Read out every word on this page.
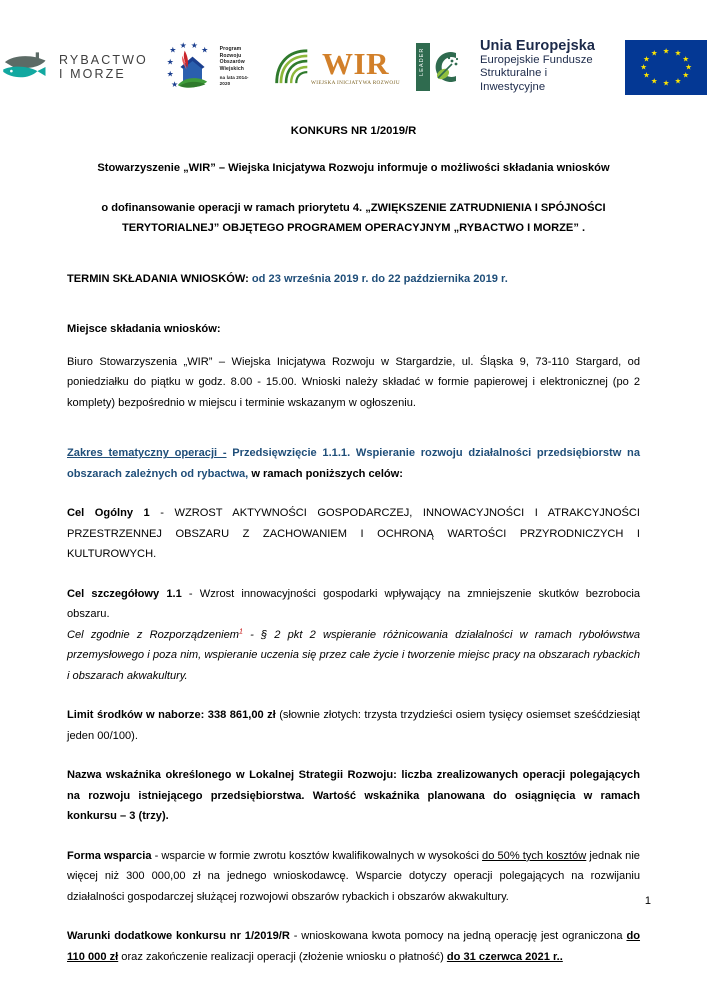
RYBACTWO
I MORZE
★ ★ ★ ★
★
★
★
Program
Rozwoju
Obszarów
Wiejskich
na lata 2014-2020
WIR
WIEJSKA INICJATYWA ROZWOJU
LEADER
Unia Europejska
Europejskie Fundusze
Strukturalne i Inwestycyjne
★ ★
★
★
★
★
★
★
★
★
★
★

KONKURS NR 1/2019/R

Stowarzyszenie „WIR” – Wiejska Inicjatywa Rozwoju informuje o możliwości składania wniosków

o dofinansowanie operacji w ramach priorytetu 4. „ZWIĘKSZENIE ZATRUDNIENIA I SPÓJNOŚCI

TERYTORIALNEJ” OBJĘTEGO PROGRAMEM OPERACYJNYM „RYBACTWO I MORZE” .

TERMIN SKŁADANIA WNIOSKÓW: od 23 września 2019 r. do 22 października 2019 r.

Miejsce składania wniosków:

Biuro Stowarzyszenia „WIR” – Wiejska Inicjatywa Rozwoju w Stargardzie, ul. Śląska 9, 73-110 Stargard, od poniedziałku do piątku w godz. 8.00 - 15.00. Wnioski należy składać w formie papierowej i elektronicznej (po 2 komplety) bezpośrednio w miejscu i terminie wskazanym w ogłoszeniu.

Zakres tematyczny operacji - Przedsięwzięcie 1.1.1. Wspieranie rozwoju działalności przedsiębiorstw na obszarach zależnych od rybactwa, w ramach poniższych celów:

Cel Ogólny 1 - WZROST AKTYWNOŚCI GOSPODARCZEJ, INNOWACYJNOŚCI I ATRAKCYJNOŚCI PRZESTRZENNEJ OBSZARU Z ZACHOWANIEM I OCHRONĄ WARTOŚCI PRZYRODNICZYCH I KULTUROWYCH.

Cel szczegółowy 1.1 - Wzrost innowacyjności gospodarki wpływający na zmniejszenie skutków bezrobocia obszaru.

Cel zgodnie z Rozporządzeniem$^1$ - § 2 pkt 2 wspieranie różnicowania działalności w ramach rybołówstwa przemysłowego i poza nim, wspieranie uczenia się przez całe życie i tworzenie miejsc pracy na obszarach rybackich i obszarach akwakultury.

Limit środków w naborze: 338 861,00 zł (słownie złotych: trzysta trzydzieści osiem tysięcy osiemset sześćdziesiąt jeden 00/100).

Nazwa wskaźnika określonego w Lokalnej Strategii Rozwoju: liczba zrealizowanych operacji polegających na rozwoju istniejącego przedsiębiorstwa. Wartość wskaźnika planowana do osiągnięcia w ramach konkursu – 3 (trzy).

Forma wsparcia - wsparcie w formie zwrotu kosztów kwalifikowalnych w wysokości do 50% tych kosztów jednak nie więcej niż 300 000,00 zł na jednego wnioskodawcę. Wsparcie dotyczy operacji polegających na rozwijaniu działalności gospodarczej służącej rozwojowi obszarów rybackich i obszarów akwakultury.

Warunki dodatkowe konkursu nr 1/2019/R - wnioskowana kwota pomocy na jedną operację jest ograniczona do 110 000 zł oraz zakończenie realizacji operacji (złożenie wniosku o płatność) do 31 czerwca 2021 r..

1
